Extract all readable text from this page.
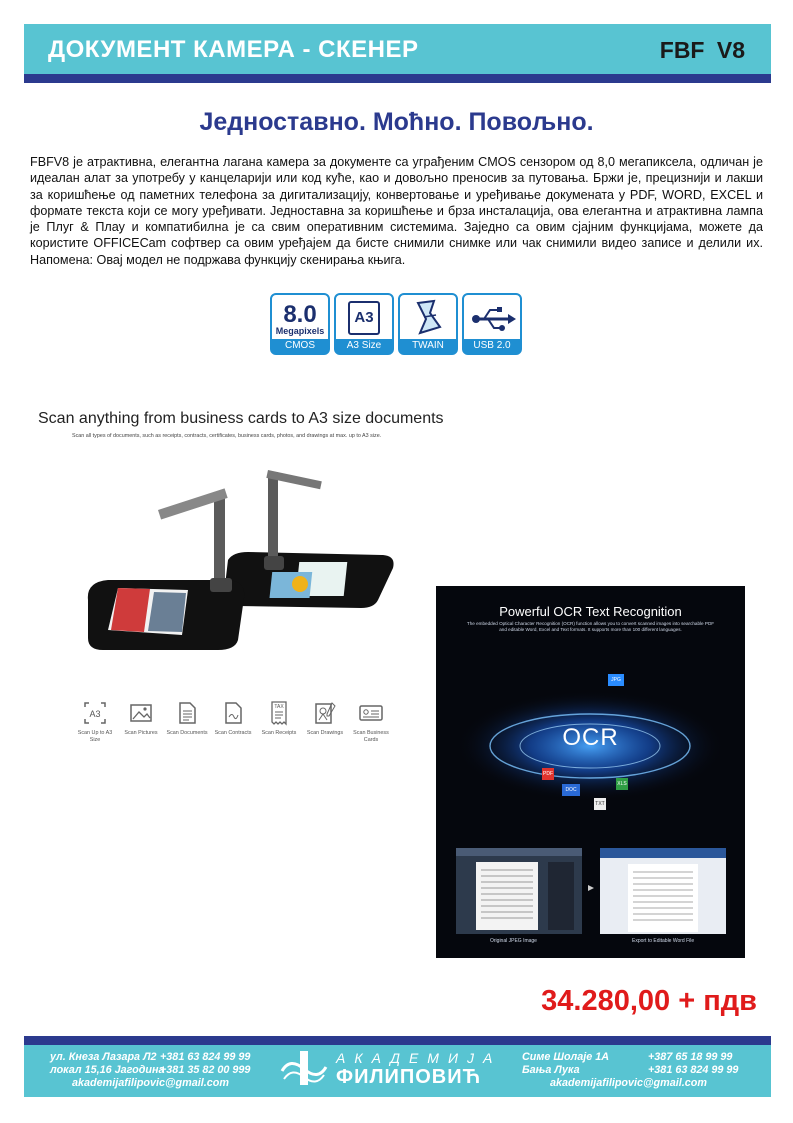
ДОКУМЕНТ КАМЕРА - СКЕНЕР	FBF V8
Једноставно. Моћно. Повољно.
FBFV8 је атрактивна, елегантна лагана камера за документе са уграђеним CMOS сензором од 8,0 мегапиксела, одличан је идеалан алат за употребу у канцеларији или код куће, као и довољно преносив за путовања. Бржи је, прецизнији и лакши за коришћење од паметних телефона за дигитализацију, конвертовање и уређивање докумената у PDF, WORD, EXCEL и формате текста који се могу уређивати. Једноставна за коришћење и брза инсталација, ова елегантна и атрактивна лампа је Плуг & Плау и компатибилна је са свим оперативним системима. Заједно са овим сјајним функцијама, можете да користите OFFICECam софтвер са овим уређајем да бисте снимили снимке или чак снимили видео записе и делили их. Напомена: Овај модел не подржава функцију скенирања књига.
8.0
Megapixels
CMOS Sensor
A3
A3 Size	TWAIN	USB 2.0
Scan anything from business cards to A3 size documents
Scan all types of documents, such as receipts, contracts, certificates, business cards, photos, and drawings at max. up to A3 size.
A3
Scan Up to A3 Size
Scan Pictures	Scan Documents	Scan Contracts
TAX
Scan Receipts	Scan Drawings	Scan Business Cards
Powerful OCR Text Recognition
The embedded Optical Character Recognition (OCR) function allows you to convert scanned images into searchable PDF and editable Word, Excel and Text formats. It supports more than 100 different languages.
OCR
JPG
PDF
DOC
XLS
TXT
Original JPEG Image	Export to Editable Word File
34.280,00 + пдв
ул. Кнеза Лазара Л2
локал 15,16 Јагодина
+381 63 824 99 99
+381 35 82 00 999
akademijafilipovic@gmail.com
АКАДЕМИЈА
ФИЛИПОВИЋ
Симе Шолаје 1А
Бања Лука
+387 65 18 99 99
+381 63 824 99 99
akademijafilipovic@gmail.com
